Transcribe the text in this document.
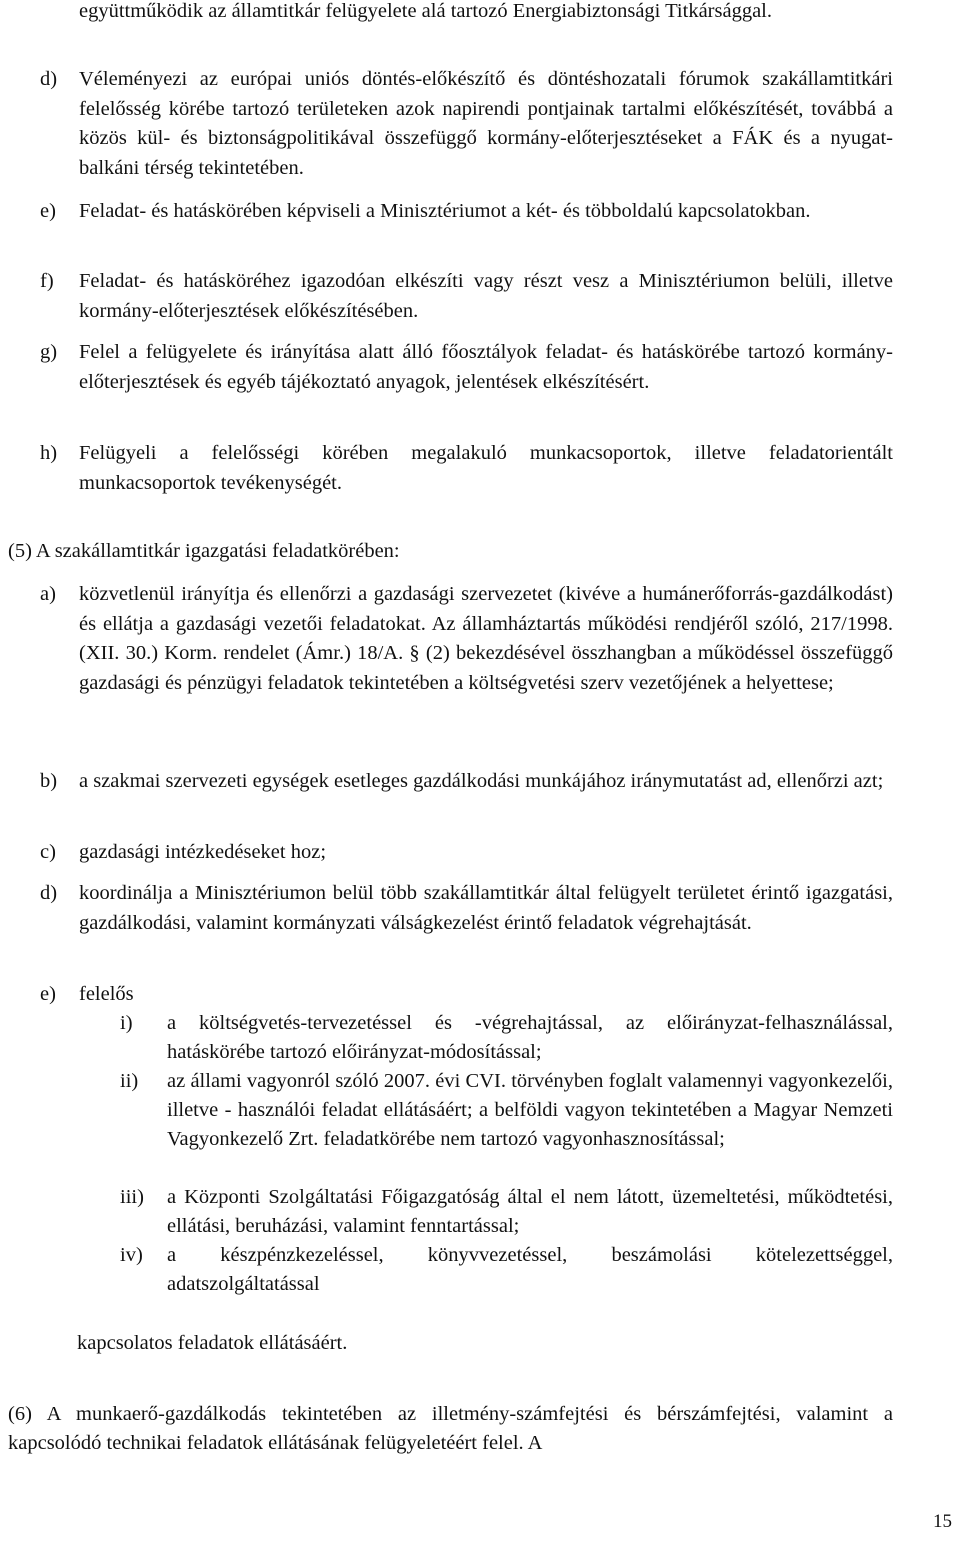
együttműködik az államtitkár felügyelete alá tartozó Energiabiztonsági Titkársággal.
d) Véleményezi az európai uniós döntés-előkészítő és döntéshozatali fórumok szakállamtitkári felelősség körébe tartozó területeken azok napirendi pontjainak tartalmi előkészítését, továbbá a közös kül- és biztonságpolitikával összefüggő kormány-előterjesztéseket a FÁK és a nyugat-balkáni térség tekintetében.
e) Feladat- és hatáskörében képviseli a Minisztériumot a két- és többoldalú kapcsolatokban.
f) Feladat- és hatásköréhez igazodóan elkészíti vagy részt vesz a Minisztériumon belüli, illetve kormány-előterjesztések előkészítésében.
g) Felel a felügyelete és irányítása alatt álló főosztályok feladat- és hatáskörébe tartozó kormány-előterjesztések és egyéb tájékoztató anyagok, jelentések elkészítésért.
h) Felügyeli a felelősségi körében megalakuló munkacsoportok, illetve feladatorientált munkacsoportok tevékenységét.
(5) A szakállamtitkár igazgatási feladatkörében:
a) közvetlenül irányítja és ellenőrzi a gazdasági szervezetet (kivéve a humánerőforrás-gazdálkodást) és ellátja a gazdasági vezetői feladatokat. Az államháztartás működési rendjéről szóló, 217/1998. (XII. 30.) Korm. rendelet (Ámr.) 18/A. § (2) bekezdésével összhangban a működéssel összefüggő gazdasági és pénzügyi feladatok tekintetében a költségvetési szerv vezetőjének a helyettese;
b) a szakmai szervezeti egységek esetleges gazdálkodási munkájához iránymutatást ad, ellenőrzi azt;
c) gazdasági intézkedéseket hoz;
d) koordinálja a Minisztériumon belül több szakállamtitkár által felügyelt területet érintő igazgatási, gazdálkodási, valamint kormányzati válságkezelést érintő feladatok végrehajtását.
e) felelős
i) a költségvetés-tervezetéssel és -végrehajtással, az előirányzat-felhasználással, hatáskörébe tartozó előirányzat-módosítással;
ii) az állami vagyonról szóló 2007. évi CVI. törvényben foglalt valamennyi vagyonkezelői, illetve - használói feladat ellátásáért; a belföldi vagyon tekintetében a Magyar Nemzeti Vagyonkezelő Zrt. feladatkörébe nem tartozó vagyonhasznosítással;
iii) a Központi Szolgáltatási Főigazgatóság által el nem látott, üzemeltetési, működtetési, ellátási, beruházási, valamint fenntartással;
iv) a készpénzkezeléssel, könyvvezetéssel, beszámolási kötelezettséggel, adatszolgáltatással
kapcsolatos feladatok ellátásáért.
(6) A munkaerő-gazdálkodás tekintetében az illetmény-számfejtési és bérszámfejtési, valamint a kapcsolódó technikai feladatok ellátásának felügyeletéért felel. A
15
